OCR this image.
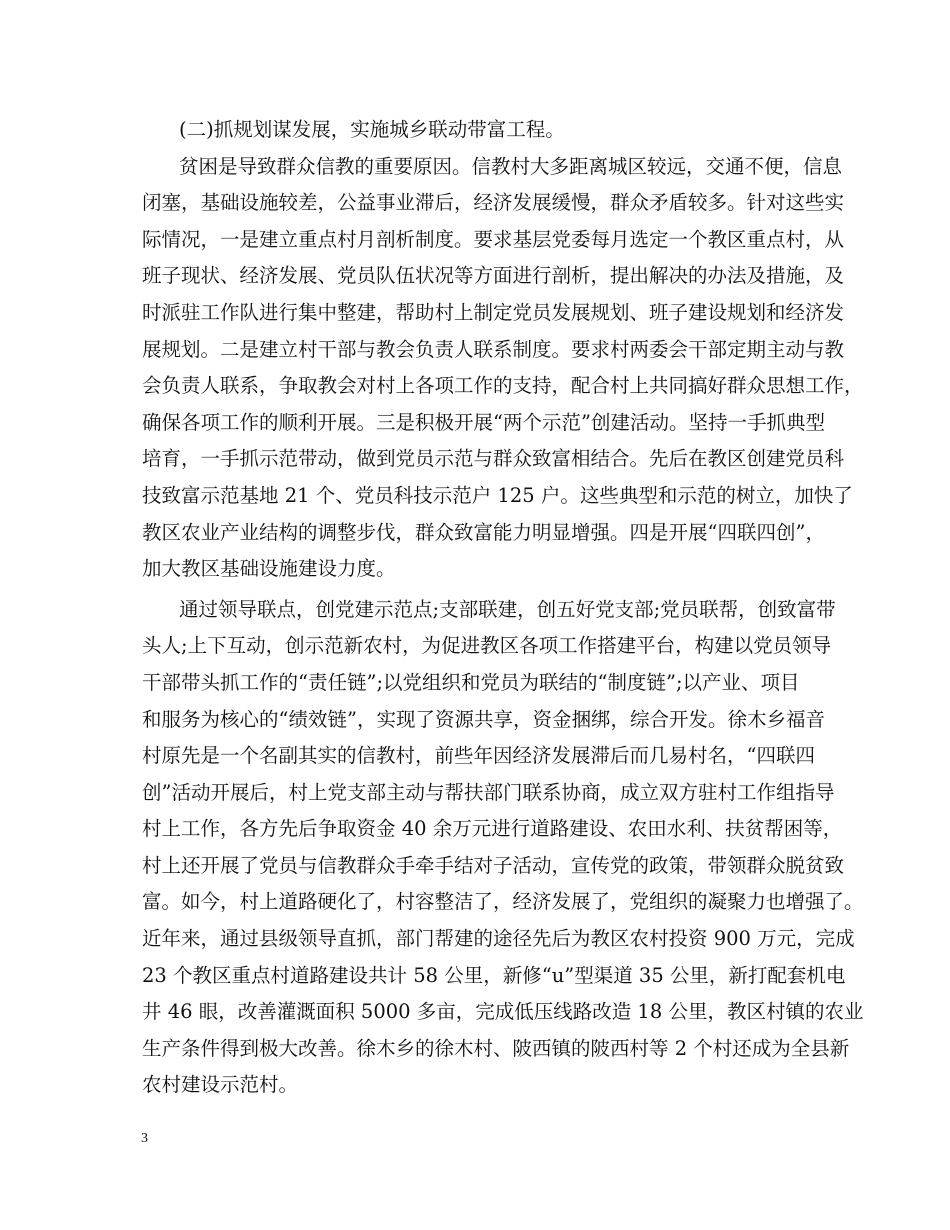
(二)抓规划谋发展，实施城乡联动带富工程。
贫困是导致群众信教的重要原因。信教村大多距离城区较远，交通不便，信息
闭塞，基础设施较差，公益事业滞后，经济发展缓慢，群众矛盾较多。针对这些实
际情况，一是建立重点村月剖析制度。要求基层党委每月选定一个教区重点村，从
班子现状、经济发展、党员队伍状况等方面进行剖析，提出解决的办法及措施，及
时派驻工作队进行集中整建，帮助村上制定党员发展规划、班子建设规划和经济发
展规划。二是建立村干部与教会负责人联系制度。要求村两委会干部定期主动与教
会负责人联系，争取教会对村上各项工作的支持，配合村上共同搞好群众思想工作，
确保各项工作的顺利开展。三是积极开展“两个示范”创建活动。坚持一手抓典型
培育，一手抓示范带动，做到党员示范与群众致富相结合。先后在教区创建党员科
技致富示范基地 21 个、党员科技示范户 125 户。这些典型和示范的树立，加快了
教区农业产业结构的调整步伐，群众致富能力明显增强。四是开展“四联四创”，
加大教区基础设施建设力度。
通过领导联点，创党建示范点;支部联建，创五好党支部;党员联帮，创致富带
头人;上下互动，创示范新农村，为促进教区各项工作搭建平台，构建以党员领导
干部带头抓工作的“责任链”;以党组织和党员为联结的“制度链”;以产业、项目
和服务为核心的“绩效链”，实现了资源共享，资金捆绑，综合开发。徐木乡福音
村原先是一个名副其实的信教村，前些年因经济发展滞后而几易村名，“四联四
创”活动开展后，村上党支部主动与帮扶部门联系协商，成立双方驻村工作组指导
村上工作，各方先后争取资金 40 余万元进行道路建设、农田水利、扶贫帮困等，
村上还开展了党员与信教群众手牵手结对子活动，宣传党的政策，带领群众脱贫致
富。如今，村上道路硬化了，村容整洁了，经济发展了，党组织的凝聚力也增强了。
近年来，通过县级领导直抓，部门帮建的途径先后为教区农村投资 900 万元，完成
23 个教区重点村道路建设共计 58 公里，新修“u”型渠道 35 公里，新打配套机电
井 46 眼，改善灌溉面积 5000 多亩，完成低压线路改造 18 公里，教区村镇的农业
生产条件得到极大改善。徐木乡的徐木村、陂西镇的陂西村等 2 个村还成为全县新
农村建设示范村。
3
